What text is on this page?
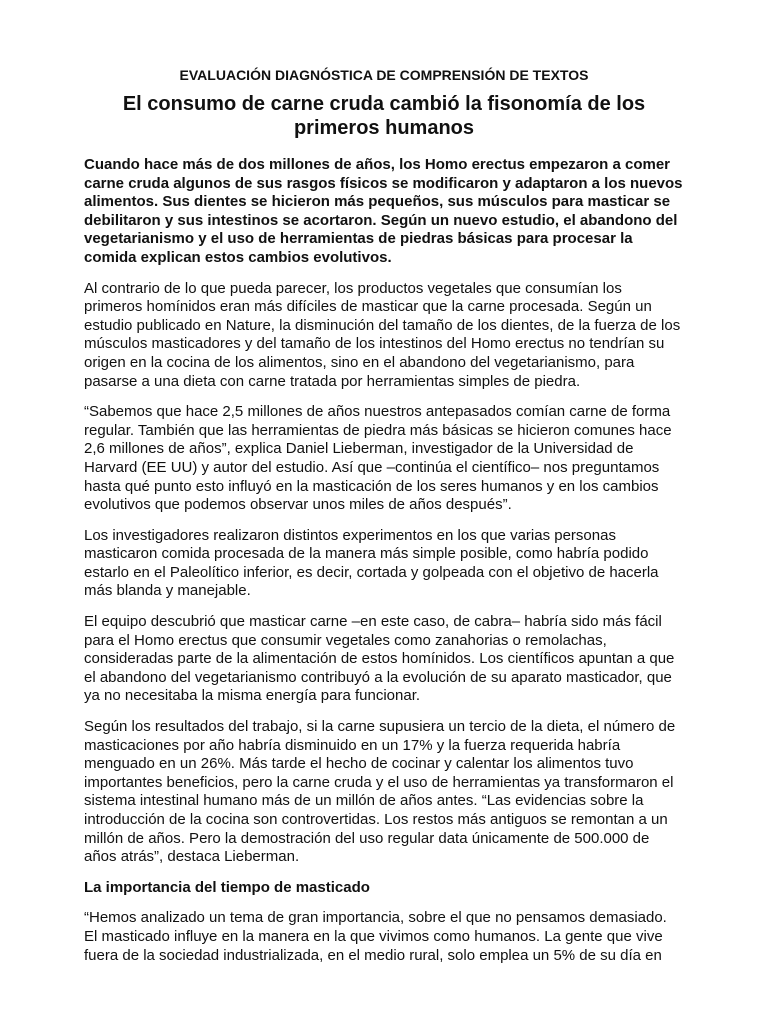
EVALUACIÓN DIAGNÓSTICA DE COMPRENSIÓN DE TEXTOS
El consumo de carne cruda cambió la fisonomía de los primeros humanos

Cuando hace más de dos millones de años, los Homo erectus empezaron a comer carne cruda algunos de sus rasgos físicos se modificaron y adaptaron a los nuevos alimentos. Sus dientes se hicieron más pequeños, sus músculos para masticar se debilitaron y sus intestinos se acortaron. Según un nuevo estudio, el abandono del vegetarianismo y el uso de herramientas de piedras básicas para procesar la comida explican estos cambios evolutivos.

Al contrario de lo que pueda parecer, los productos vegetales que consumían los primeros homínidos eran más difíciles de masticar que la carne procesada. Según un estudio publicado en Nature, la disminución del tamaño de los dientes, de la fuerza de los músculos masticadores y del tamaño de los intestinos del Homo erectus no tendrían su origen en la cocina de los alimentos, sino en el abandono del vegetarianismo, para pasarse a una dieta con carne tratada por herramientas simples de piedra.

“Sabemos que hace 2,5 millones de años nuestros antepasados comían carne de forma regular. También que las herramientas de piedra más básicas se hicieron comunes hace 2,6 millones de años”, explica Daniel Lieberman, investigador de la Universidad de Harvard (EE UU) y autor del estudio. Así que –continúa el científico– nos preguntamos hasta qué punto esto influyó en la masticación de los seres humanos y en los cambios evolutivos que podemos observar unos miles de años después”.

Los investigadores realizaron distintos experimentos en los que varias personas masticaron comida procesada de la manera más simple posible, como habría podido estarlo en el Paleolítico inferior, es decir, cortada y golpeada con el objetivo de hacerla más blanda y manejable.

El equipo descubrió que masticar carne –en este caso, de cabra– habría sido más fácil para el Homo erectus que consumir vegetales como zanahorias o remolachas, consideradas parte de la alimentación de estos homínidos. Los científicos apuntan a que el abandono del vegetarianismo contribuyó a la evolución de su aparato masticador, que ya no necesitaba la misma energía para funcionar.

Según los resultados del trabajo, si la carne supusiera un tercio de la dieta, el número de masticaciones por año habría disminuido en un 17% y la fuerza requerida habría menguado en un 26%. Más tarde el hecho de cocinar y calentar los alimentos tuvo importantes beneficios, pero la carne cruda y el uso de herramientas ya transformaron el sistema intestinal humano más de un millón de años antes. “Las evidencias sobre la introducción de la cocina son controvertidas. Los restos más antiguos se remontan a un millón de años. Pero la demostración del uso regular data únicamente de 500.000 de años atrás”, destaca Lieberman.

La importancia del tiempo de masticado

“Hemos analizado un tema de gran importancia, sobre el que no pensamos demasiado. El masticado influye en la manera en la que vivimos como humanos. La gente que vive fuera de la sociedad industrializada, en el medio rural, solo emplea un 5% de su día en
